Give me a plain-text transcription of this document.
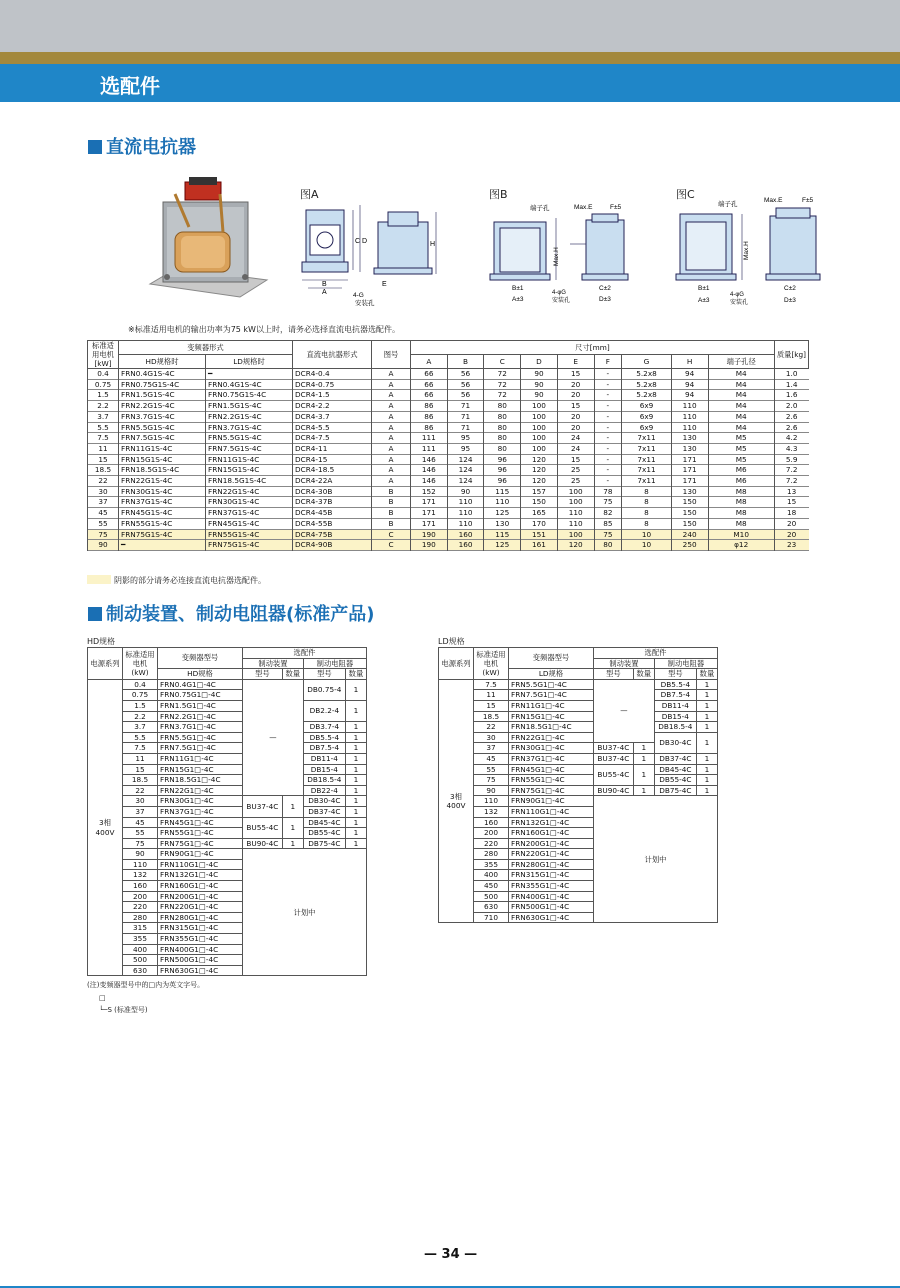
选配件
直流电抗器
图A
B
A
C D	H
E
4-G
安装孔
图B
端子孔	Max.E	F±5
B±1
A±3
Max.H
C±2
D±3
4-φG
安装孔
图C
端子孔
Max.E	F±5
B±1
A±3
Max.H
C±2
D±3
4-φG
安装孔
※标准适用电机的输出功率为75 kW以上时，请务必选择直流电抗器选配件。
标准适用电机[kW]	变频器形式		直流电抗器形式	图号	尺寸[mm]									质量[kg]
	HD规格时	LD规格时			A	B	C	D	E	F	G	H	端子孔径	
0.4	FRN0.4G1S-4C	━	DCR4-0.4	A	66	56	72	90	15	-	5.2x8	94	M4	1.0
0.75	FRN0.75G1S-4C	FRN0.4G1S-4C	DCR4-0.75	A	66	56	72	90	20	-	5.2x8	94	M4	1.4
1.5	FRN1.5G1S-4C	FRN0.75G1S-4C	DCR4-1.5	A	66	56	72	90	20	-	5.2x8	94	M4	1.6
2.2	FRN2.2G1S-4C	FRN1.5G1S-4C	DCR4-2.2	A	86	71	80	100	15	-	6x9	110	M4	2.0
3.7	FRN3.7G1S-4C	FRN2.2G1S-4C	DCR4-3.7	A	86	71	80	100	20	-	6x9	110	M4	2.6
5.5	FRN5.5G1S-4C	FRN3.7G1S-4C	DCR4-5.5	A	86	71	80	100	20	-	6x9	110	M4	2.6
7.5	FRN7.5G1S-4C	FRN5.5G1S-4C	DCR4-7.5	A	111	95	80	100	24	-	7x11	130	M5	4.2
11	FRN11G1S-4C	FRN7.5G1S-4C	DCR4-11	A	111	95	80	100	24	-	7x11	130	M5	4.3
15	FRN15G1S-4C	FRN11G1S-4C	DCR4-15	A	146	124	96	120	15	-	7x11	171	M5	5.9
18.5	FRN18.5G1S-4C	FRN15G1S-4C	DCR4-18.5	A	146	124	96	120	25	-	7x11	171	M6	7.2
22	FRN22G1S-4C	FRN18.5G1S-4C	DCR4-22A	A	146	124	96	120	25	-	7x11	171	M6	7.2
30	FRN30G1S-4C	FRN22G1S-4C	DCR4-30B	B	152	90	115	157	100	78	8	130	M8	13
37	FRN37G1S-4C	FRN30G1S-4C	DCR4-37B	B	171	110	110	150	100	75	8	150	M8	15
45	FRN45G1S-4C	FRN37G1S-4C	DCR4-45B	B	171	110	125	165	110	82	8	150	M8	18
55	FRN55G1S-4C	FRN45G1S-4C	DCR4-55B	B	171	110	130	170	110	85	8	150	M8	20
75	FRN75G1S-4C	FRN55G1S-4C	DCR4-75B	C	190	160	115	151	100	75	10	240	M10	20
90	━	FRN75G1S-4C	DCR4-90B	C	190	160	125	161	120	80	10	250	φ12	23
阴影的部分请务必连接直流电抗器选配件。
制动装置、制动电阻器(标准产品)
HD规格
电源系列	标准适用电机(kW)	变频器型号	选配件			
			制动装置		制动电阻器	
		HD规格	型号	数量	型号	数量
3相
400V	0.4	FRN0.4G1□-4C	—		DB0.75-4	1
	0.75	FRN0.75G1□-4C				
	1.5	FRN1.5G1□-4C			DB2.2-4	1
	2.2	FRN2.2G1□-4C				
	3.7	FRN3.7G1□-4C			DB3.7-4	1
	5.5	FRN5.5G1□-4C			DB5.5-4	1
	7.5	FRN7.5G1□-4C			DB7.5-4	1
	11	FRN11G1□-4C			DB11-4	1
	15	FRN15G1□-4C			DB15-4	1
	18.5	FRN18.5G1□-4C			DB18.5-4	1
	22	FRN22G1□-4C			DB22-4	1
	30	FRN30G1□-4C	BU37-4C	1	DB30-4C	1
	37	FRN37G1□-4C			DB37-4C	1
	45	FRN45G1□-4C	BU55-4C	1	DB45-4C	1
	55	FRN55G1□-4C			DB55-4C	1
	75	FRN75G1□-4C	BU90-4C	1	DB75-4C	1
	90	FRN90G1□-4C	计划中			
	110	FRN110G1□-4C				
	132	FRN132G1□-4C				
	160	FRN160G1□-4C				
	200	FRN200G1□-4C				
	220	FRN220G1□-4C				
	280	FRN280G1□-4C				
	315	FRN315G1□-4C				
	355	FRN355G1□-4C				
	400	FRN400G1□-4C				
	500	FRN500G1□-4C				
	630	FRN630G1□-4C				
LD规格
电源系列	标准适用电机(kW)	变频器型号	选配件			
			制动装置		制动电阻器	
		LD规格	型号	数量	型号	数量
3相
400V	7.5	FRN5.5G1□-4C	—		DB5.5-4	1
	11	FRN7.5G1□-4C			DB7.5-4	1
	15	FRN11G1□-4C			DB11-4	1
	18.5	FRN15G1□-4C			DB15-4	1
	22	FRN18.5G1□-4C			DB18.5-4	1
	30	FRN22G1□-4C			DB30-4C	1
	37	FRN30G1□-4C	BU37-4C	1		
	45	FRN37G1□-4C	BU37-4C	1	DB37-4C	1
	55	FRN45G1□-4C	BU55-4C	1	DB45-4C	1
	75	FRN55G1□-4C			DB55-4C	1
	90	FRN75G1□-4C	BU90-4C	1	DB75-4C	1
	110	FRN90G1□-4C	计划中			
	132	FRN110G1□-4C				
	160	FRN132G1□-4C				
	200	FRN160G1□-4C				
	220	FRN200G1□-4C				
	280	FRN220G1□-4C				
	355	FRN280G1□-4C				
	400	FRN315G1□-4C				
	450	FRN355G1□-4C				
	500	FRN400G1□-4C				
	630	FRN500G1□-4C				
	710	FRN630G1□-4C				
(注)变频器型号中的□内为英文字号。
□
└─S (标准型号)
— 34 —
